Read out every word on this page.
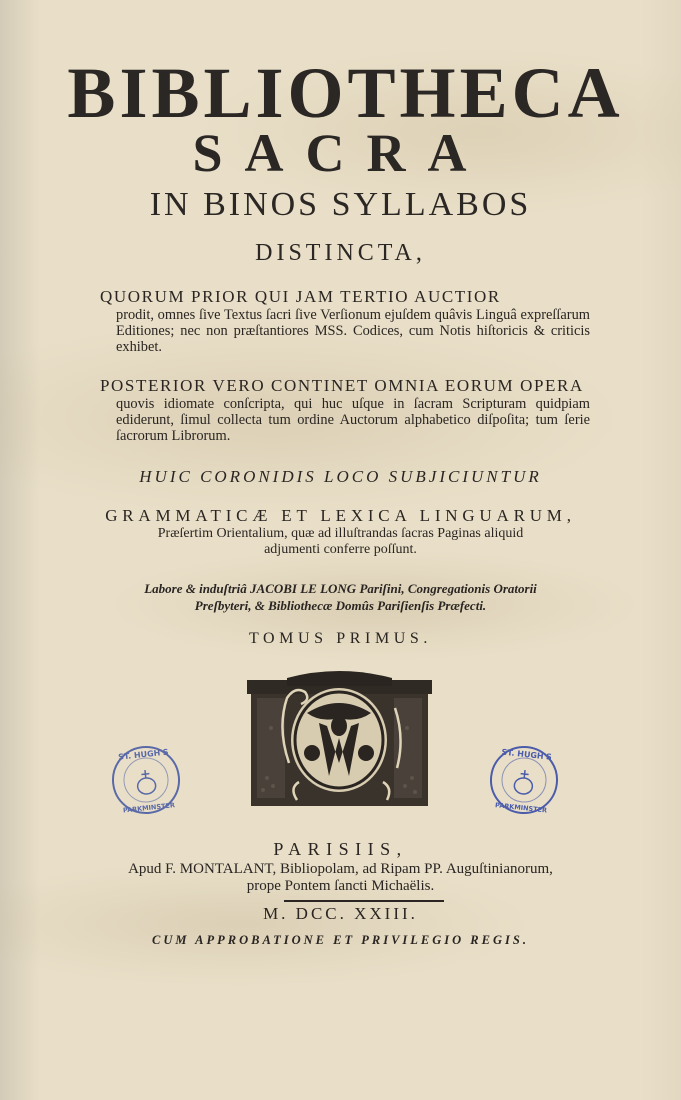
BIBLIOTHECA
SACRA
IN BINOS SYLLABOS
DISTINCTA,
QUORUM PRIOR QUI JAM TERTIO AUCTIOR
prodit, omnes ſive Textus ſacri ſive Verſionum ejuſdem quâvis Linguâ expreſſarum Editiones; nec non præſtantiores MSS. Codices, cum Notis hiſtoricis & criticis exhibet.
POSTERIOR VERO CONTINET OMNIA EORUM OPERA
quovis idiomate conſcripta, qui huc uſque in ſacram Scripturam quidpiam ediderunt, ſimul collecta tum ordine Auctorum alphabetico diſpoſita; tum ſerie ſacrorum Librorum.
HUIC CORONIDIS LOCO SUBJICIUNTUR
GRAMMATICÆ ET LEXICA LINGUARUM,
Præſertim Orientalium, quæ ad illuſtrandas ſacras Paginas aliquid
adjumenti conferre poſſunt.
Labore & induſtriâ JACOBI LE LONG Pariſini, Congregationis Oratorii
Preſbyteri, & Bibliothecæ Domûs Pariſienſis Præfecti.
TOMUS PRIMUS.
ST. HUGH'S
PARKMINSTER
ST. HUGH'S
PARKMINSTER
PARISIIS,
Apud F. MONTALANT, Bibliopolam, ad Ripam PP. Auguſtinianorum,
prope Pontem ſancti Michaëlis.
M. DCC. XXIII.
CUM APPROBATIONE ET PRIVILEGIO REGIS.
